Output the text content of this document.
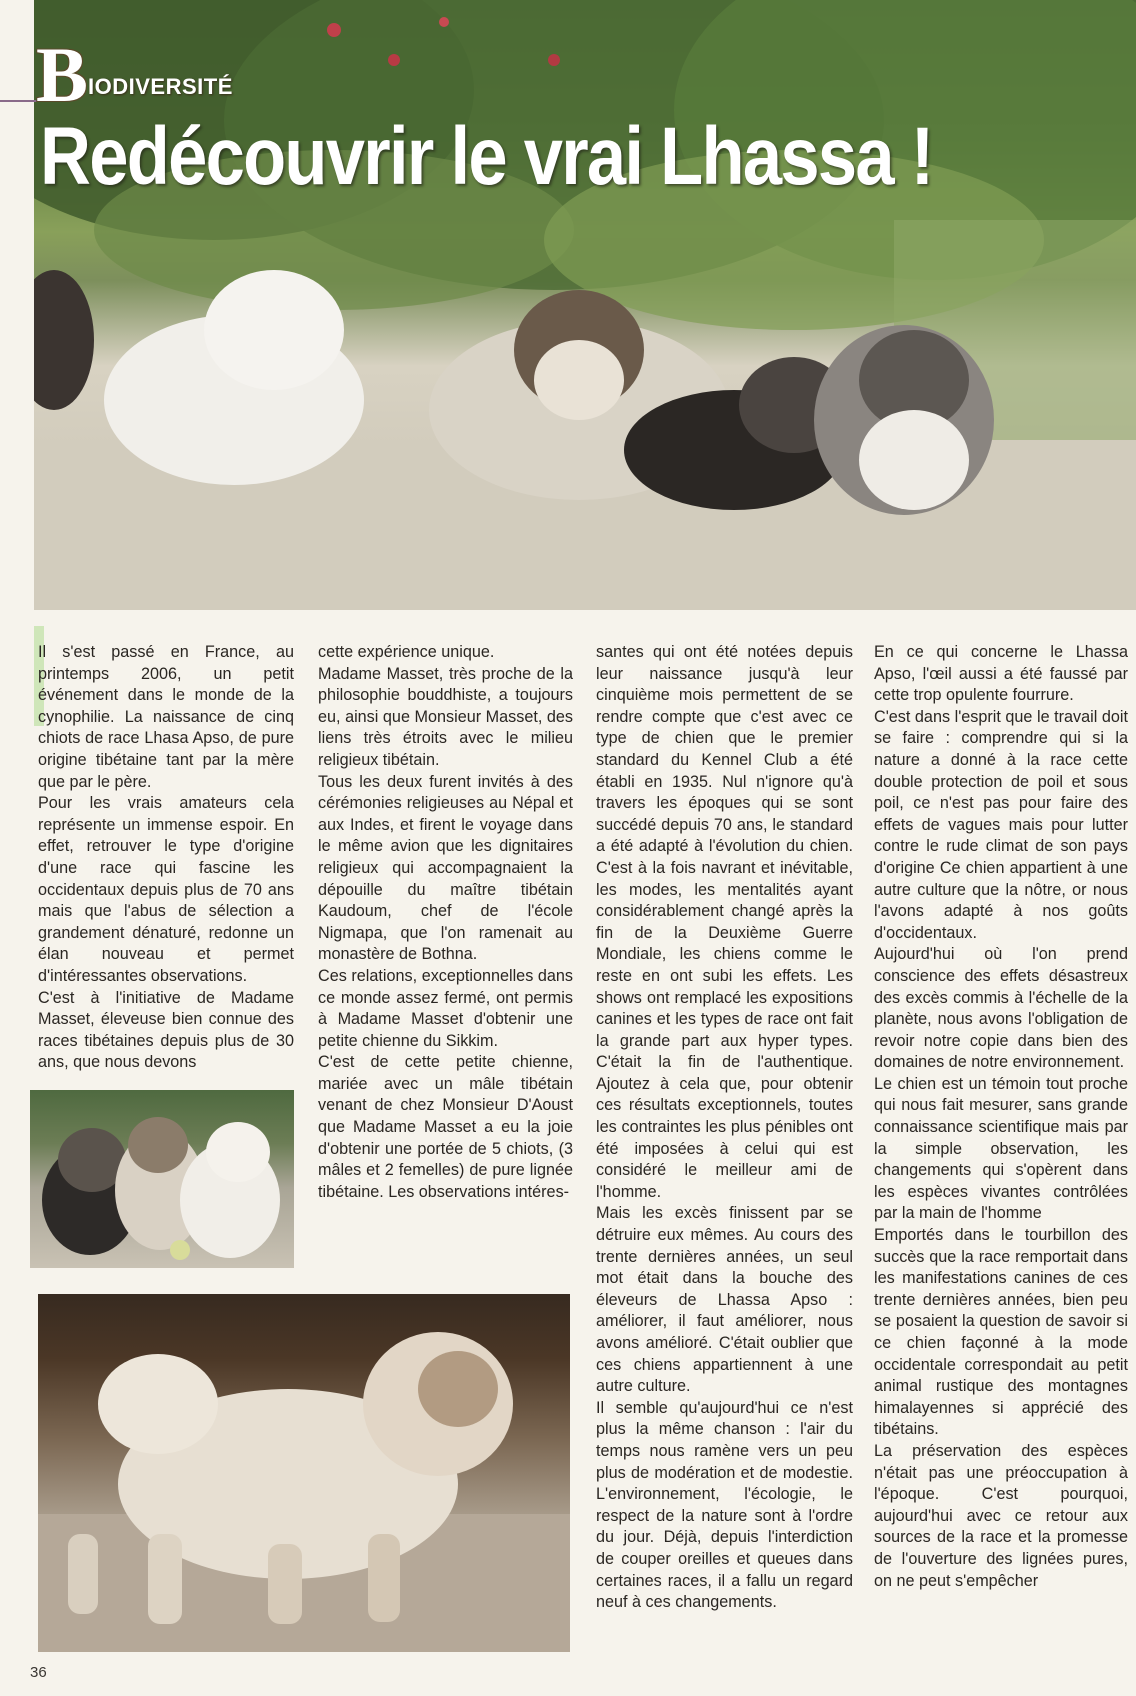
B IODIVERSITÉ
Redécouvrir le vrai Lhassa !

Il s'est passé en France, au printemps 2006, un petit événement dans le monde de la cynophilie. La naissance de cinq chiots de race Lhasa Apso, de pure origine tibétaine tant par la mère que par le père.

Pour les vrais amateurs cela représente un immense espoir. En effet, retrouver le type d'origine d'une race qui fascine les occidentaux depuis plus de 70 ans mais que l'abus de sélection a grandement dénaturé, redonne un élan nouveau et permet d'intéressantes observations.

C'est à l'initiative de Madame Masset, éleveuse bien connue des races tibétaines depuis plus de 30 ans, que nous devons

cette expérience unique.

Madame Masset, très proche de la philosophie bouddhiste, a toujours eu, ainsi que Monsieur Masset, des liens très étroits avec le milieu religieux tibétain.

Tous les deux furent invités à des cérémonies religieuses au Népal et aux Indes, et firent le voyage dans le même avion que les dignitaires religieux qui accompagnaient la dépouille du maître tibétain Kaudoum, chef de l'école Nigmapa, que l'on ramenait au monastère de Bothna.

Ces relations, exceptionnelles dans ce monde assez fermé, ont permis à Madame Masset d'obtenir une petite chienne du Sikkim.

C'est de cette petite chienne, mariée avec un mâle tibétain venant de chez Monsieur D'Aoust que Madame Masset a eu la joie d'obtenir une portée de 5 chiots, (3 mâles et 2 femelles) de pure lignée tibétaine. Les observations intéres-

santes qui ont été notées depuis leur naissance jusqu'à leur cinquième mois permettent de se rendre compte que c'est avec ce type de chien que le premier standard du Kennel Club a été établi en 1935. Nul n'ignore qu'à travers les époques qui se sont succédé depuis 70 ans, le standard a été adapté à l'évolution du chien. C'est à la fois navrant et inévitable, les modes, les mentalités ayant considérablement changé après la fin de la Deuxième Guerre Mondiale, les chiens comme le reste en ont subi les effets. Les shows ont remplacé les expositions canines et les types de race ont fait la grande part aux hyper types. C'était la fin de l'authentique. Ajoutez à cela que, pour obtenir ces résultats exceptionnels, toutes les contraintes les plus pénibles ont été imposées à celui qui est considéré le meilleur ami de l'homme.

Mais les excès finissent par se détruire eux mêmes. Au cours des trente dernières années, un seul mot était dans la bouche des éleveurs de Lhassa Apso : améliorer, il faut améliorer, nous avons amélioré. C'était oublier que ces chiens appartiennent à une autre culture.

Il semble qu'aujourd'hui ce n'est plus la même chanson : l'air du temps nous ramène vers un peu plus de modération et de modestie. L'environnement, l'écologie, le respect de la nature sont à l'ordre du jour. Déjà, depuis l'interdiction de couper oreilles et queues dans certaines races, il a fallu un regard neuf à ces changements.

En ce qui concerne le Lhassa Apso, l'œil aussi a été faussé par cette trop opulente fourrure.

C'est dans l'esprit que le travail doit se faire : comprendre qui si la nature a donné à la race cette double protection de poil et sous poil, ce n'est pas pour faire des effets de vagues mais pour lutter contre le rude climat de son pays d'origine Ce chien appartient à une autre culture que la nôtre, or nous l'avons adapté à nos goûts d'occidentaux.

Aujourd'hui où l'on prend conscience des effets désastreux des excès commis à l'échelle de la planète, nous avons l'obligation de revoir notre copie dans bien des domaines de notre environnement.

Le chien est un témoin tout proche qui nous fait mesurer, sans grande connaissance scientifique mais par la simple observation, les changements qui s'opèrent dans les espèces vivantes contrôlées par la main de l'homme

Emportés dans le tourbillon des succès que la race remportait dans les manifestations canines de ces trente dernières années, bien peu se posaient la question de savoir si ce chien façonné à la mode occidentale correspondait au petit animal rustique des montagnes himalayennes si apprécié des tibétains.

La préservation des espèces n'était pas une préoccupation à l'époque. C'est pourquoi, aujourd'hui avec ce retour aux sources de la race et la promesse de l'ouverture des lignées pures, on ne peut s'empêcher

36
